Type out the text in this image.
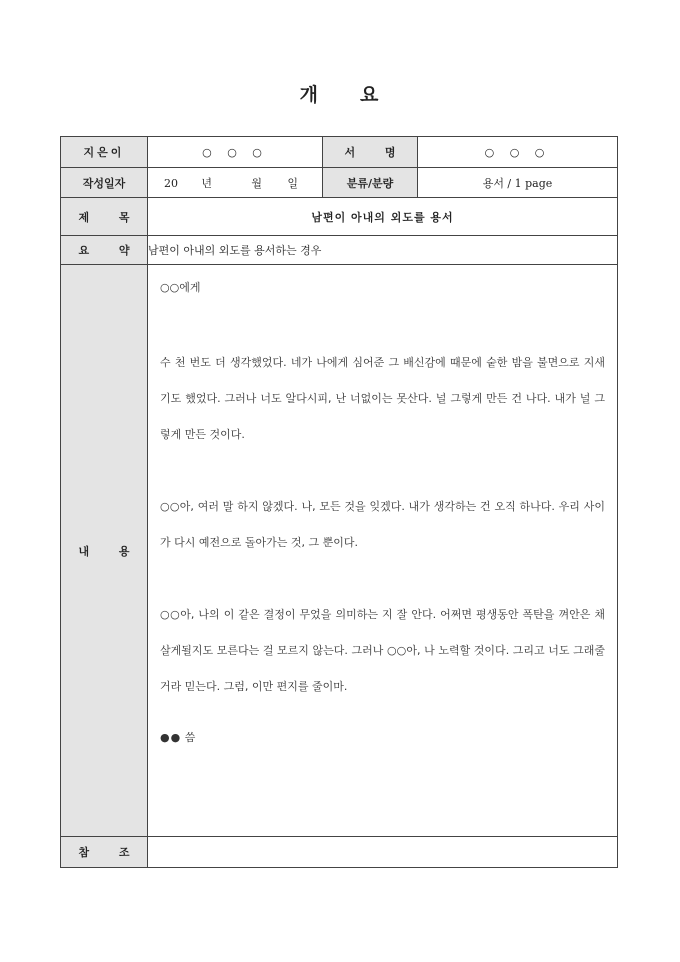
개 요
지은이	○ ○ ○	서 명	○ ○ ○
작성일자	20 년 월 일	분류/분량	용서 / 1 page
제 목	남편이 아내의 외도를 용서		
요 약	남편이 아내의 외도를 용서하는 경우		
내 용	○○에게
수 천 번도 더 생각했었다. 네가 나에게 심어준 그 배신감에 때문에 숱한 밤을 불면으로 지새기도 했었다. 그러나 너도 알다시피, 난 너없이는 못산다. 널 그렇게 만든 건 나다. 내가 널 그렇게 만든 것이다.
○○아, 여러 말 하지 않겠다. 나, 모든 것을 잊겠다. 내가 생각하는 건 오직 하나다. 우리 사이가 다시 예전으로 돌아가는 것, 그 뿐이다.
○○아, 나의 이 같은 결정이 무었을 의미하는 지 잘 안다. 어쩌면 평생동안 폭탄을 껴안은 채 살게될지도 모른다는 걸 모르지 않는다. 그러나 ○○아, 나 노력할 것이다. 그리고 너도 그래줄 거라 믿는다. 그럼, 이만 편지를 줄이마.
●● 씀		

참 조			
